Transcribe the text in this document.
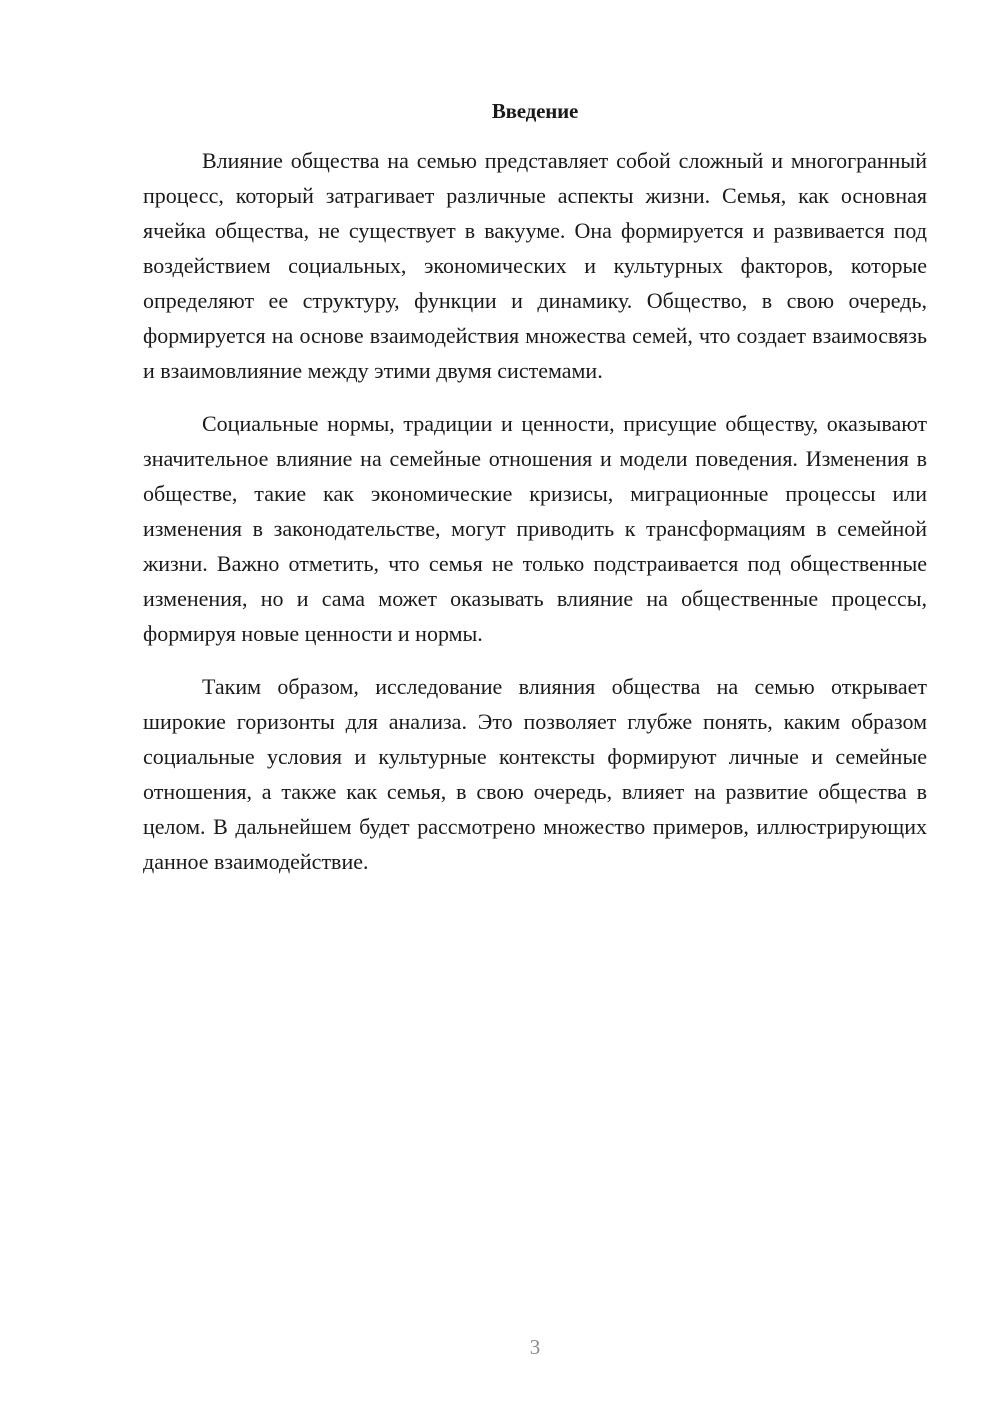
Введение

Влияние общества на семью представляет собой сложный и многогранный процесс, который затрагивает различные аспекты жизни. Семья, как основная ячейка общества, не существует в вакууме. Она формируется и развивается под воздействием социальных, экономических и культурных факторов, которые определяют ее структуру, функции и динамику. Общество, в свою очередь, формируется на основе взаимодействия множества семей, что создает взаимосвязь и взаимовлияние между этими двумя системами.

Социальные нормы, традиции и ценности, присущие обществу, оказывают значительное влияние на семейные отношения и модели поведения. Изменения в обществе, такие как экономические кризисы, миграционные процессы или изменения в законодательстве, могут приводить к трансформациям в семейной жизни. Важно отметить, что семья не только подстраивается под общественные изменения, но и сама может оказывать влияние на общественные процессы, формируя новые ценности и нормы.

Таким образом, исследование влияния общества на семью открывает широкие горизонты для анализа. Это позволяет глубже понять, каким образом социальные условия и культурные контексты формируют личные и семейные отношения, а также как семья, в свою очередь, влияет на развитие общества в целом. В дальнейшем будет рассмотрено множество примеров, иллюстрирующих данное взаимодействие.

3
